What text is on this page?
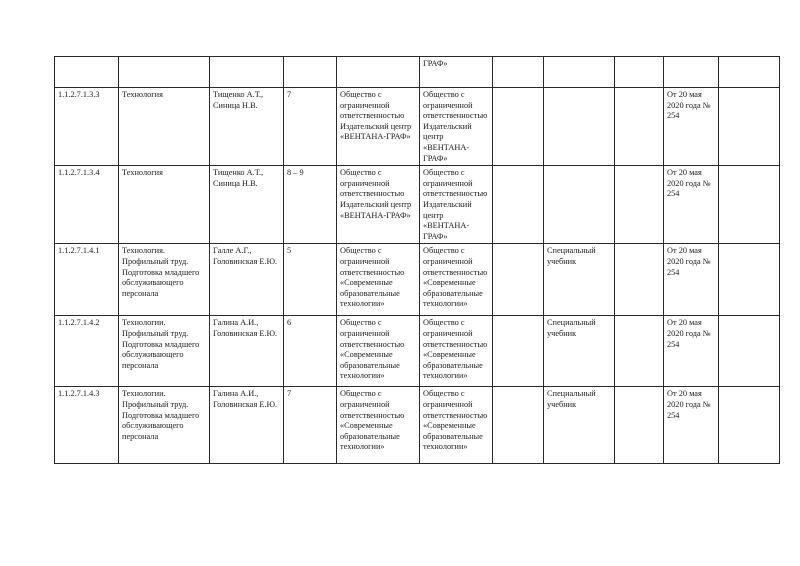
					ГРАФ»					
1.1.2.7.1.3.3	Технология	Тищенко А.Т., Синица Н.В.	7	Общество с ограниченной ответственностью Издательский центр «ВЕНТАНА-ГРАФ»	Общество с ограниченной ответственностью Издательский центр «ВЕНТАНА-ГРАФ»				От 20 мая 2020 года № 254	
1.1.2.7.1.3.4	Технология	Тищенко А.Т., Синица Н.В.	8 – 9	Общество с ограниченной ответственностью Издательский центр «ВЕНТАНА-ГРАФ»	Общество с ограниченной ответственностью Издательский центр «ВЕНТАНА-ГРАФ»				От 20 мая 2020 года № 254	
1.1.2.7.1.4.1	Технология. Профильный труд. Подготовка младшего обслуживающего персонала	Галле А.Г., Головинская Е.Ю.	5	Общество с ограниченной ответственностью «Современные образовательные технологии»	Общество с ограниченной ответственностью «Современные образовательные технологии»		Специальный учебник		От 20 мая 2020 года № 254	
1.1.2.7.1.4.2	Технологии. Профильный труд. Подготовка младшего обслуживающего персонала	Галина А.И., Головинская Е.Ю.	6	Общество с ограниченной ответственностью «Современные образовательные технологии»	Общество с ограниченной ответственностью «Современные образовательные технологии»		Специальный учебник		От 20 мая 2020 года № 254	
1.1.2.7.1.4.3	Технологии. Профильный труд. Подготовка младшего обслуживающего персонала	Галина А.И., Головинская Е.Ю.	7	Общество с ограниченной ответственностью «Современные образовательные технологии»	Общество с ограниченной ответственностью «Современные образовательные технологии»		Специальный учебник		От 20 мая 2020 года № 254	
